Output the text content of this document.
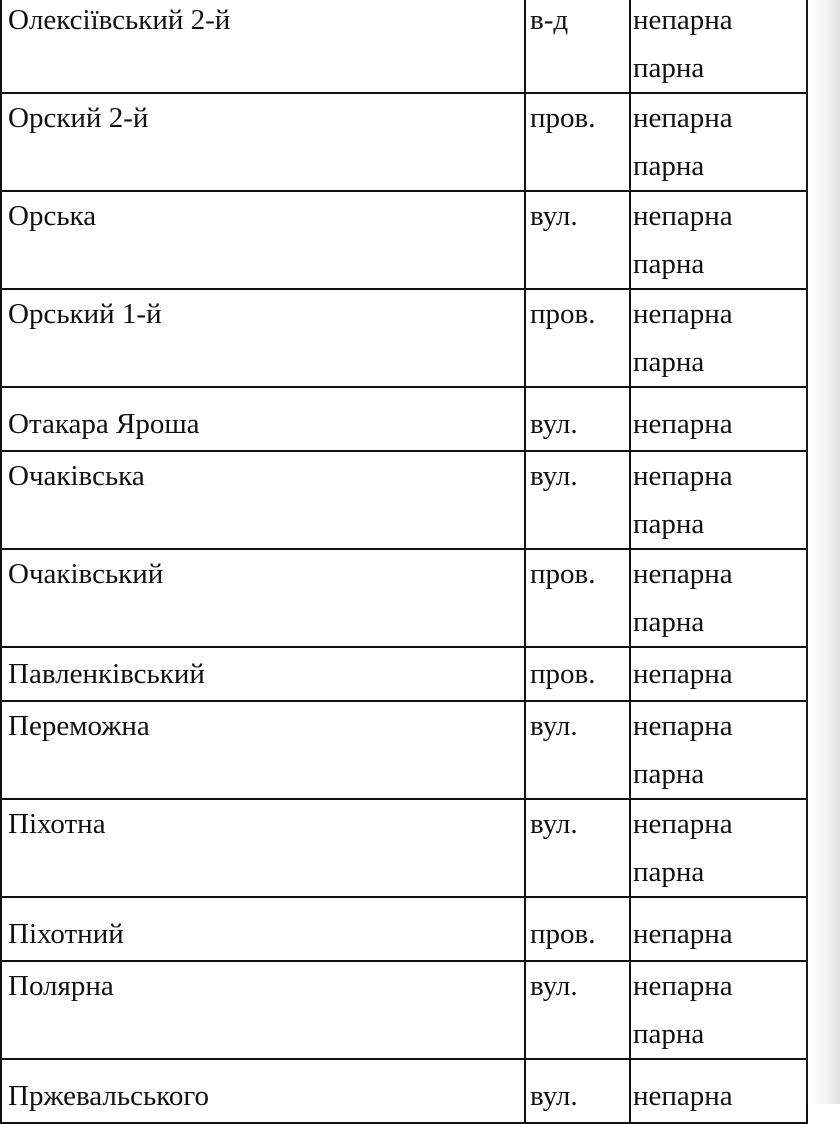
Олексіївський 2-й	в-д	непарна
парна

Орский 2-й	пров.	непарна
парна

Орська	вул.	непарна
парна

Орський 1-й	пров.	непарна
парна

Отакара Яроша	вул.	непарна

Очаківська	вул.	непарна
парна

Очаківський	пров.	непарна
парна

Павленківський	пров.	непарна

Переможна	вул.	непарна
парна

Піхотна	вул.	непарна
парна

Піхотний	пров.	непарна

Полярна	вул.	непарна
парна

Пржевальського	вул.	непарна
